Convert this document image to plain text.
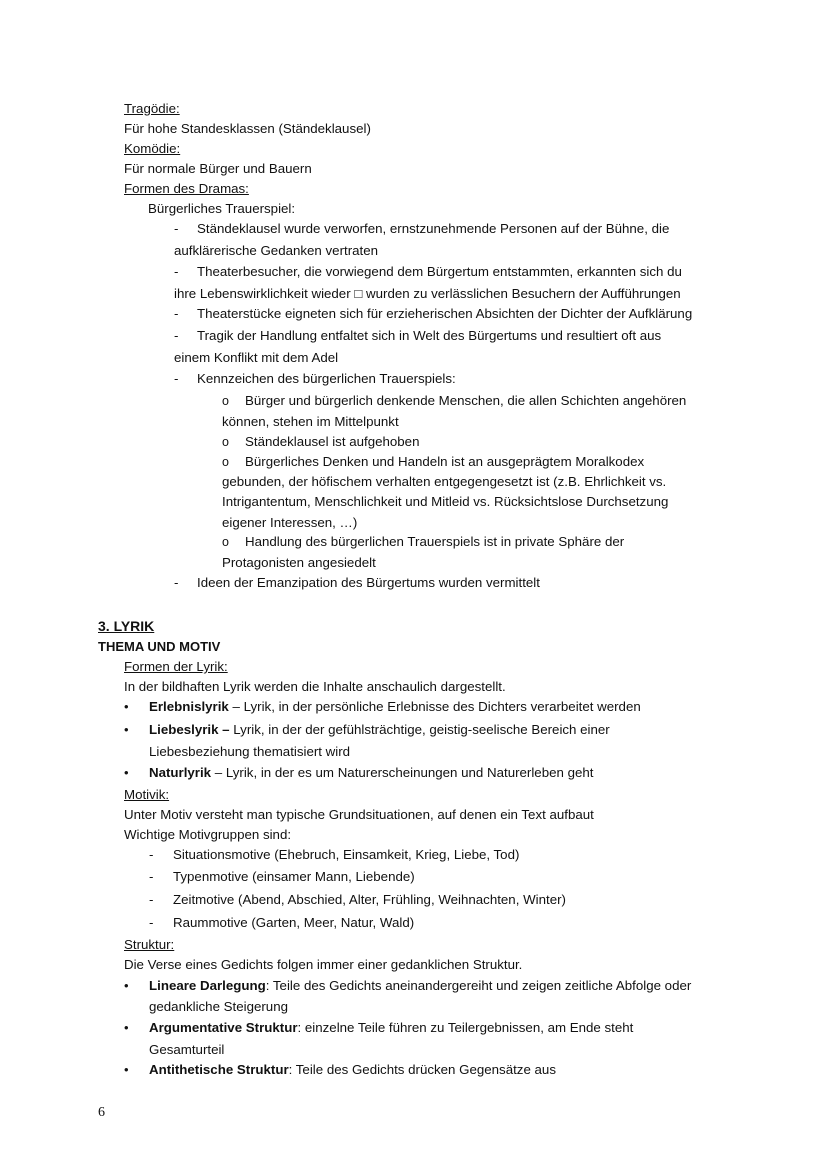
Tragödie:
Für hohe Standesklassen (Ständeklausel)
Komödie:
Für normale Bürger und Bauern
Formen des Dramas:
Bürgerliches Trauerspiel:
- Ständeklausel wurde verworfen, ernstzunehmende Personen auf der Bühne, die
aufklärerische Gedanken vertraten
- Theaterbesucher, die vorwiegend dem Bürgertum entstammten, erkannten sich du
ihre Lebenswirklichkeit wieder □ wurden zu verlässlichen Besuchern der Aufführungen
- Theaterstücke eigneten sich für erzieherischen Absichten der Dichter der Aufklärung
- Tragik der Handlung entfaltet sich in Welt des Bürgertums und resultiert oft aus
einem Konflikt mit dem Adel
- Kennzeichen des bürgerlichen Trauerspiels:
o Bürger und bürgerlich denkende Menschen, die allen Schichten angehören
können, stehen im Mittelpunkt
o Ständeklausel ist aufgehoben
o Bürgerliches Denken und Handeln ist an ausgeprägtem Moralkodex
gebunden, der höfischem verhalten entgegengesetzt ist (z.B. Ehrlichkeit vs.
Intrigantentum, Menschlichkeit und Mitleid vs. Rücksichtslose Durchsetzung
eigener Interessen, …)
o Handlung des bürgerlichen Trauerspiels ist in private Sphäre der
Protagonisten angesiedelt
- Ideen der Emanzipation des Bürgertums wurden vermittelt
3. LYRIK
THEMA UND MOTIV
Formen der Lyrik:
In der bildhaften Lyrik werden die Inhalte anschaulich dargestellt.
• Erlebnislyrik – Lyrik, in der persönliche Erlebnisse des Dichters verarbeitet werden
• Liebeslyrik – Lyrik, in der der gefühlsträchtige, geistig-seelische Bereich einer
Liebesbeziehung thematisiert wird
• Naturlyrik – Lyrik, in der es um Naturerscheinungen und Naturerleben geht
Motivik:
Unter Motiv versteht man typische Grundsituationen, auf denen ein Text aufbaut
Wichtige Motivgruppen sind:
- Situationsmotive (Ehebruch, Einsamkeit, Krieg, Liebe, Tod)
- Typenmotive (einsamer Mann, Liebende)
- Zeitmotive (Abend, Abschied, Alter, Frühling, Weihnachten, Winter)
- Raummotive (Garten, Meer, Natur, Wald)
Struktur:
Die Verse eines Gedichts folgen immer einer gedanklichen Struktur.
• Lineare Darlegung: Teile des Gedichts aneinandergereiht und zeigen zeitliche Abfolge oder
gedankliche Steigerung
• Argumentative Struktur: einzelne Teile führen zu Teilergebnissen, am Ende steht
Gesamturteil
• Antithetische Struktur: Teile des Gedichts drücken Gegensätze aus
6
